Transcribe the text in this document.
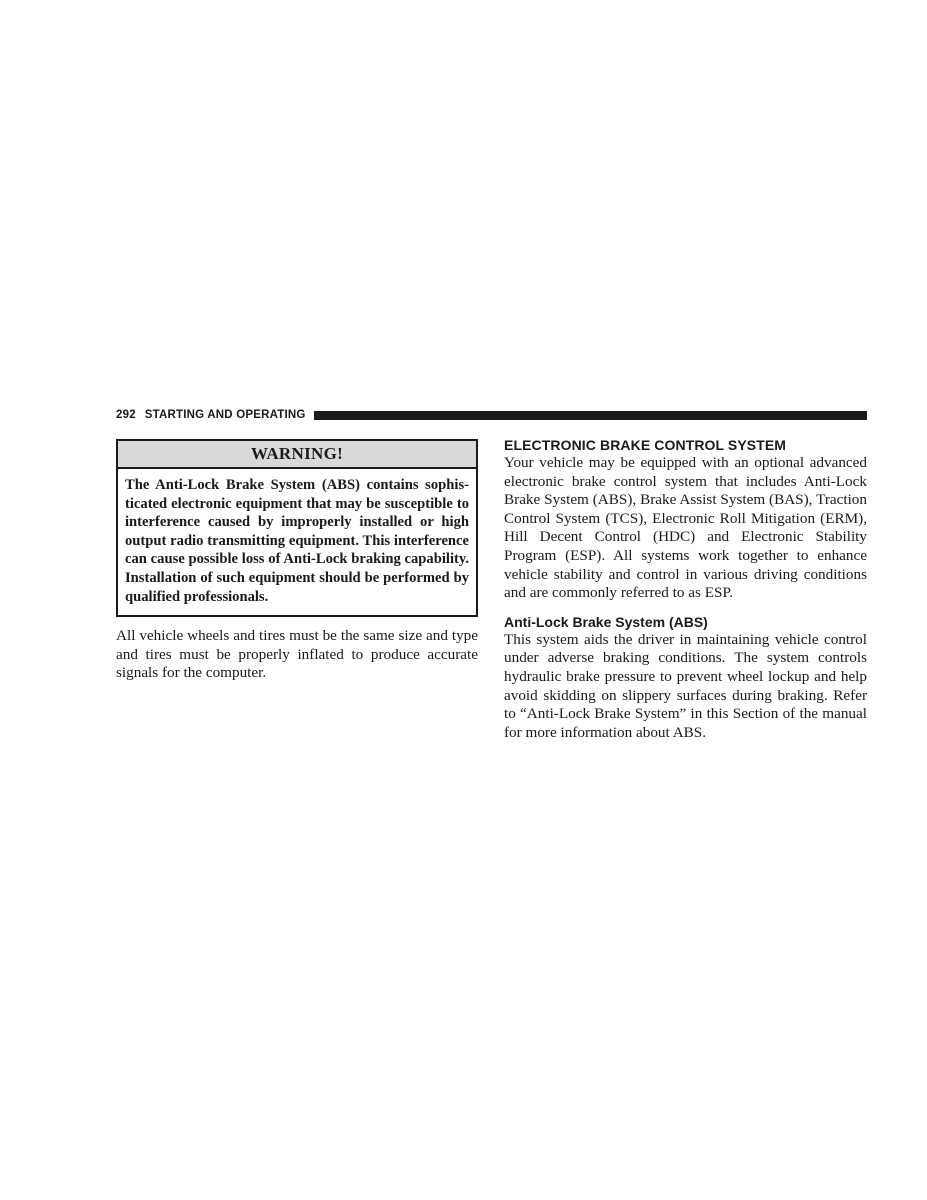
292 STARTING AND OPERATING
WARNING!
The Anti-Lock Brake System (ABS) contains sophisticated electronic equipment that may be susceptible to interference caused by improperly installed or high output radio transmitting equipment. This interference can cause possible loss of Anti-Lock braking capability. Installation of such equipment should be performed by qualified professionals.

All vehicle wheels and tires must be the same size and type and tires must be properly inflated to produce accurate signals for the computer.

ELECTRONIC BRAKE CONTROL SYSTEM

Your vehicle may be equipped with an optional advanced electronic brake control system that includes Anti-Lock Brake System (ABS), Brake Assist System (BAS), Traction Control System (TCS), Electronic Roll Mitigation (ERM), Hill Decent Control (HDC) and Electronic Stability Program (ESP). All systems work together to enhance vehicle stability and control in various driving conditions and are commonly referred to as ESP.

Anti-Lock Brake System (ABS)

This system aids the driver in maintaining vehicle control under adverse braking conditions. The system controls hydraulic brake pressure to prevent wheel lockup and help avoid skidding on slippery surfaces during braking. Refer to “Anti-Lock Brake System” in this Section of the manual for more information about ABS.
